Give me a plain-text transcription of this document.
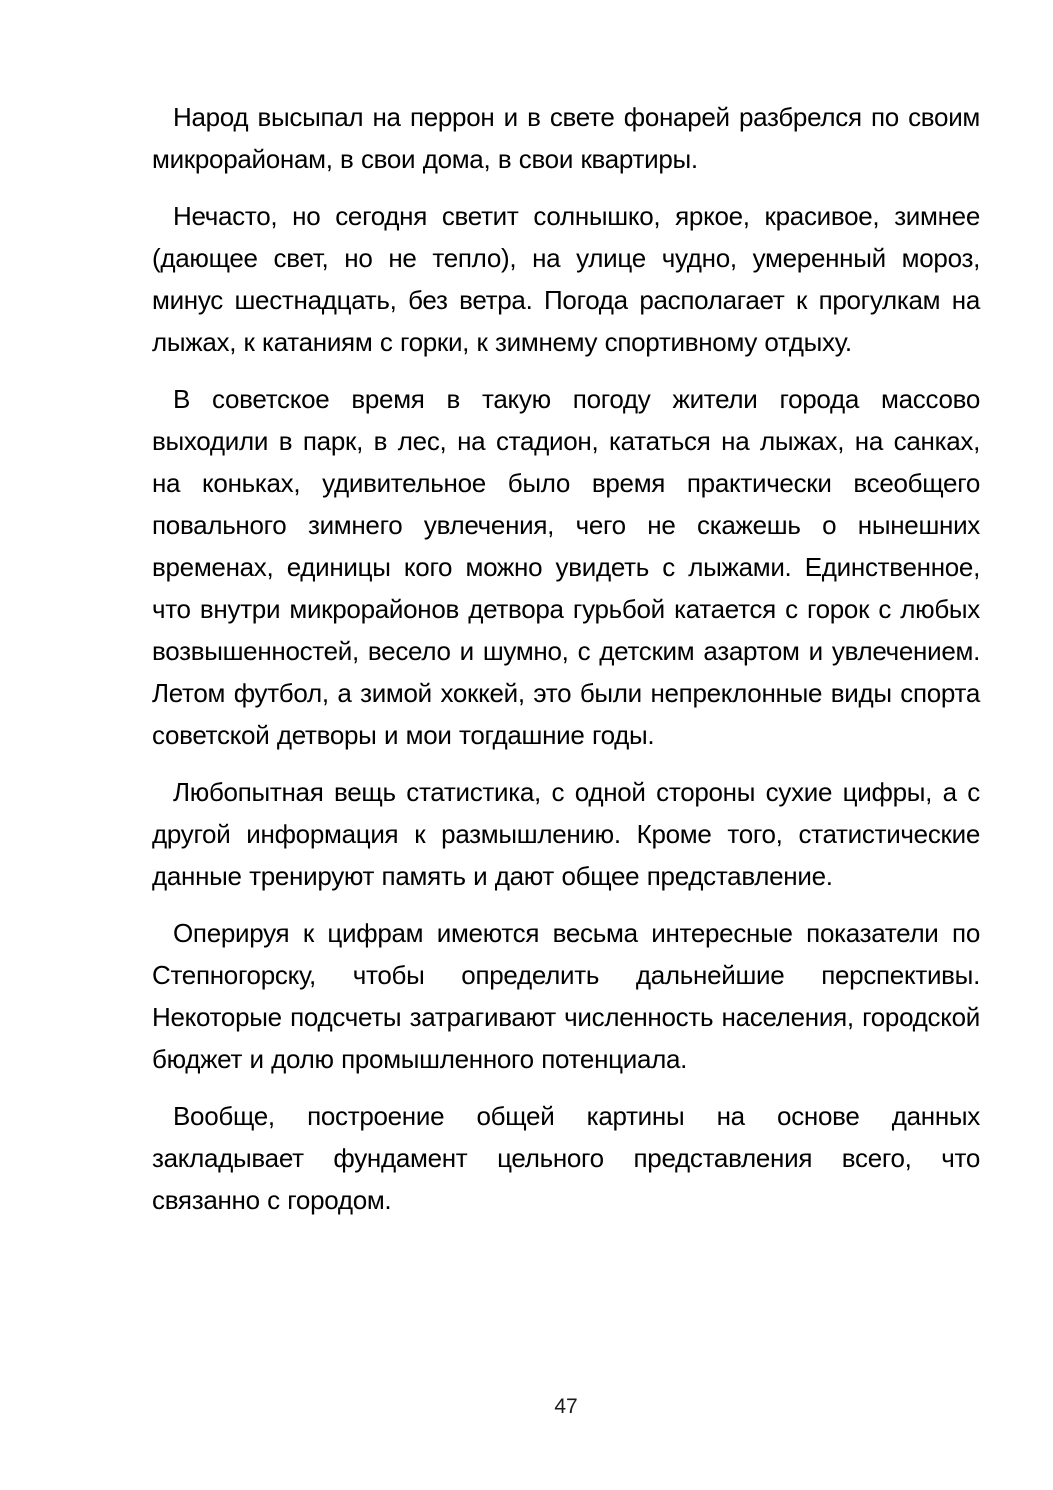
Народ высыпал на перрон и в свете фонарей разбрелся по своим микрорайонам, в свои дома, в свои квартиры.

Нечасто, но сегодня светит солнышко, яркое, красивое, зимнее (дающее свет, но не тепло), на улице чудно, умеренный мороз, минус шестнадцать, без ветра. Погода располагает к прогулкам на лыжах, к катаниям с горки, к зимнему спортивному отдыху.

В советское время в такую погоду жители города массово выходили в парк, в лес, на стадион, кататься на лыжах, на санках, на коньках, удивительное было время практически всеобщего повального зимнего увлечения, чего не скажешь о нынешних временах, единицы кого можно увидеть с лыжами. Единственное, что внутри микрорайонов детвора гурьбой катается с горок с любых возвышенностей, весело и шумно, с детским азартом и увлечением. Летом футбол, а зимой хоккей, это были непреклонные виды спорта советской детворы и мои тогдашние годы.

Любопытная вещь статистика, с одной стороны сухие цифры, а с другой информация к размышлению. Кроме того, статистические данные тренируют память и дают общее представление.

Оперируя к цифрам имеются весьма интересные показатели по Степногорску, чтобы определить дальнейшие перспективы. Некоторые подсчеты затрагивают численность населения, городской бюджет и долю промышленного потенциала.

Вообще, построение общей картины на основе данных закладывает фундамент цельного представления всего, что связанно с городом.

47
